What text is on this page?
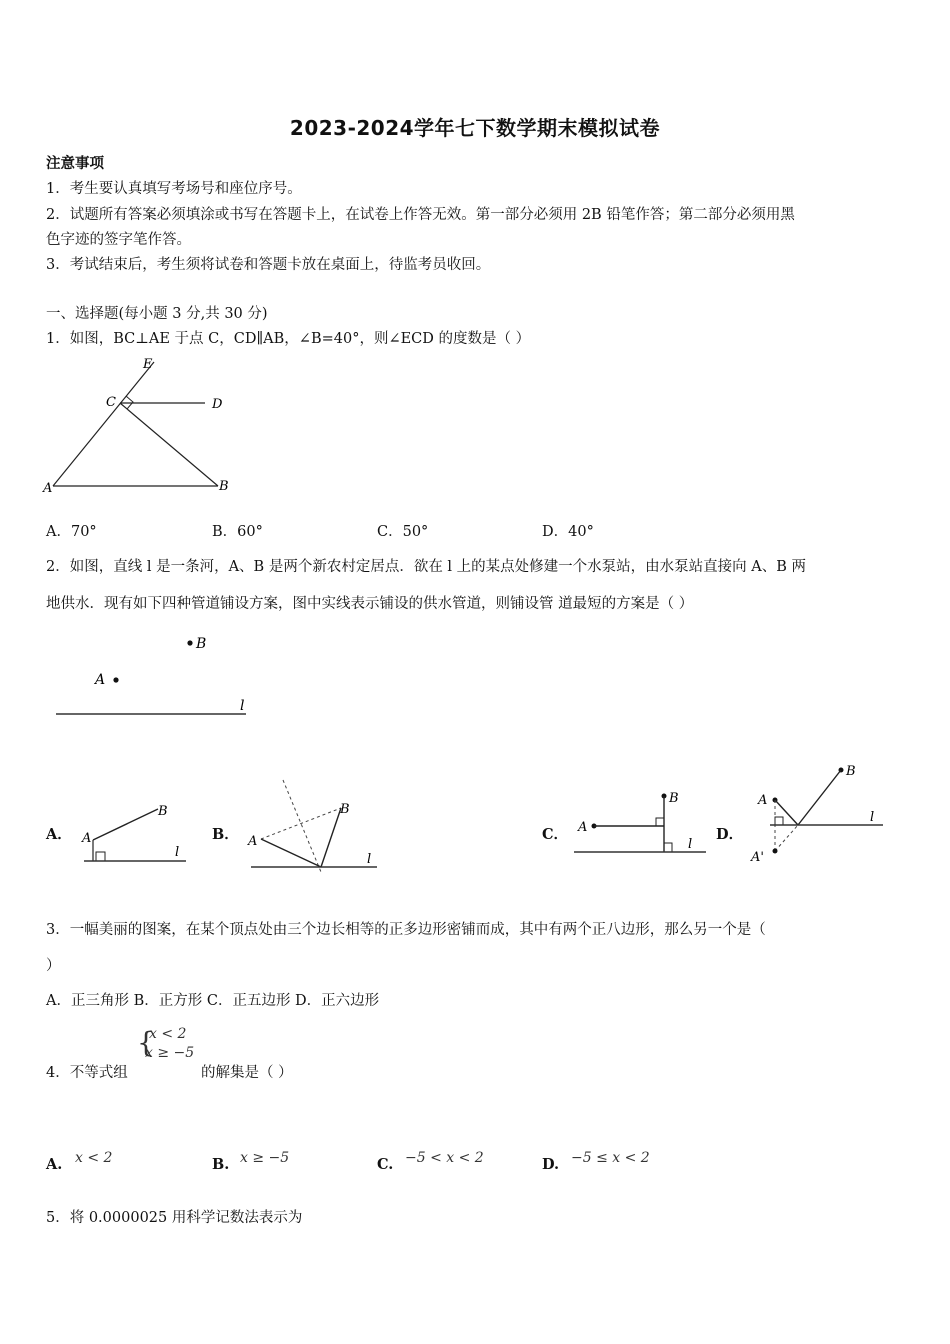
2023-2024学年七下数学期末模拟试卷
注意事项
1．考生要认真填写考场号和座位序号。
2．试题所有答案必须填涂或书写在答题卡上，在试卷上作答无效。第一部分必须用 2B 铅笔作答；第二部分必须用黑
色字迹的签字笔作答。
3．考试结束后，考生须将试卷和答题卡放在桌面上，待监考员收回。
一、选择题(每小题 3 分,共 30 分)
1．如图，BC⊥AE 于点 C，CD∥AB，∠B=40°，则∠ECD 的度数是（ ）
E
C	D
A	B
A．70°	B．60°	C．50°	D．40°
2．如图，直线 l 是一条河，A、B 是两个新农村定居点．欲在 l 上的某点处修建一个水泵站，由水泵站直接向 A、B 两
地供水．现有如下四种管道铺设方案，图中实线表示铺设的供水管道，则铺设管 道最短的方案是（ ）
B
A
l
A． A
B
l
B． A
B
l
C． A
B
l
D．
A
B
A'
l
3．一幅美丽的图案，在某个顶点处由三个边长相等的正多边形密铺而成，其中有两个正八边形，那么另一个是（
）
A．正三角形 B．正方形 C．正五边形 D．正六边形
4．不等式组
{
x < 2
x ≥ −5
的解集是（ ）
A. x < 2	B. x ≥ −5	C. −5 < x < 2	D. −5 ≤ x < 2
5．将 0.0000025 用科学记数法表示为
